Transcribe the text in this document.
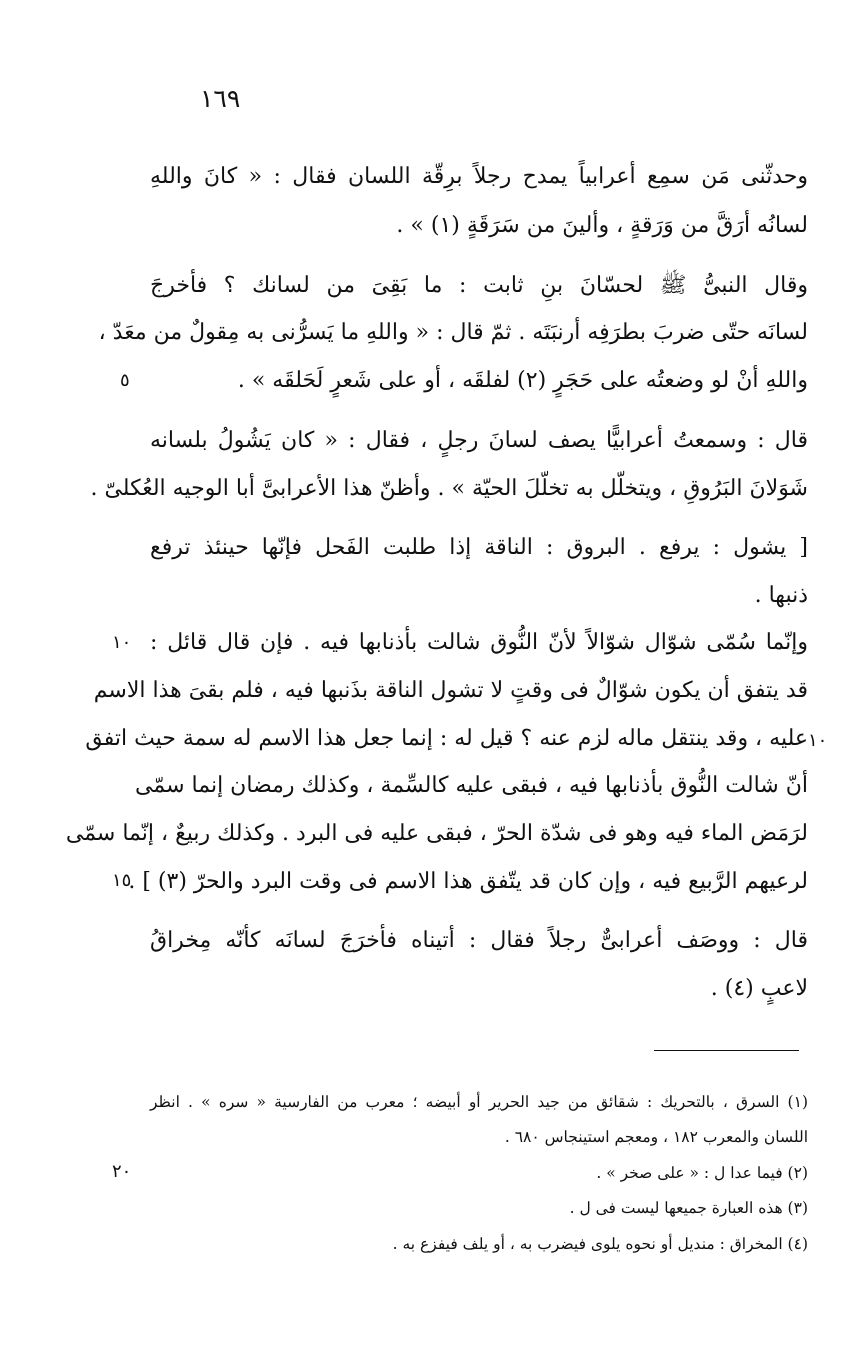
١٦٩
وحدثّنى مَن سمِع أعرابياً يمدح رجلاً برِقّة اللسان فقال : « كانَ واللهِ
لسانُه أرَقَّ من وَرَقةٍ ، وألينَ من سَرَقَةٍ (١) » .
وقال النبىُّ ﷺ لحسّانَ بنِ ثابت : ما بَقِىَ من لسانك ؟ فأخرجَ
لسانَه حتّى ضربَ بطرَفِه أرنبَتَه . ثمّ قال : « واللهِ ما يَسرُّنى به مِقولٌ من معَدّ ،
واللهِ أنْ لو وضعتُه على حَجَرٍ (٢) لفلقَه ، أو على شَعرٍ لَحَلقَه » .
قال : وسمعتُ أعرابيًّا يصف لسانَ رجلٍ ، فقال : « كان يَشُولُ بلسانه
شَوَلانَ البَرُوقِ ، ويتخلّل به تخلّلَ الحيّة » . وأظنّ هذا الأعرابىَّ أبا الوجيه العُكلىّ .
[ يشول : يرفع . البروق : الناقة إذا طلبت الفَحل فإنّها حينئذ ترفع
ذنبها .
وإنّما سُمّى شوّال شوّالاً لأنّ النُّوق شالت بأذنابها فيه . فإن قال قائل :
قد يتفق أن يكون شوّالٌ فى وقتٍ لا تشول الناقة بذَنبها فيه ، فلم بقىَ هذا الاسم
عليه ، وقد ينتقل ماله لزم عنه ؟ قيل له : إنما جعل هذا الاسم له سمة حيث اتفق
أنّ شالت النُّوق بأذنابها فيه ، فبقى عليه كالسِّمة ، وكذلك رمضان إنما سمّى
لرَمَض الماء فيه وهو فى شدّة الحرّ ، فبقى عليه فى البرد . وكذلك ربيعٌ ، إنّما سمّى
لرعيهم الرَّبيع فيه ، وإن كان قد يتّفق هذا الاسم فى وقت البرد والحرّ (٣) ] .
قال : ووصَف أعرابىٌّ رجلاً فقال : أتيناه فأخرَجَ لسانَه كأنّه مِخراقُ
لاعبٍ (٤) .
٥
١٠
١٠
١٥
٢٠
(١) السرق ، بالتحريك : شقائق من جيد الحرير أو أبيضه ؛ معرب من الفارسية « سره » . انظر
اللسان والمعرب ١٨٢ ، ومعجم استينجاس ٦٨٠ .
(٢) فيما عدا ل : « على صخر » .
(٣) هذه العبارة جميعها ليست فى ل .
(٤) المخراق : منديل أو نحوه يلوى فيضرب به ، أو يلف فيفزع به .
